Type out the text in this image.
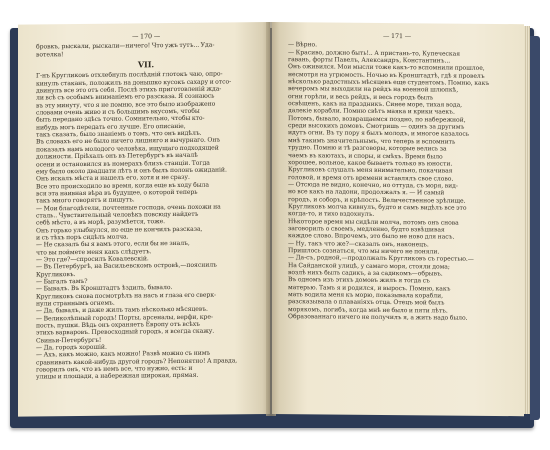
— 170 —
бровкъ, рыскали, рыскали—ничего! Что ужъ тутъ... Уда-
вотелка!
VII.
Г-нъ Кругликовъ отхлебнулъ послѣдній глотокъ чаю, опро-
кинулъ стаканъ, положилъ на донышко кусокъ сахару и отсо-
двинулъ все это отъ себя. Послѣ этихъ приготовленій жда-
ли всѣ съ особымъ вниманіемъ его разсказа. Я сознаюсь
въ эту минуту, что я не помню, все это было изображено
словами очень живо и съ большимъ вкусомъ, чтобы
быть передано здѣсь точно. Сомнительно, чтобы кто-
нибудь могъ передать его лучше. Его описаніе,
такъ сказать, было знаніемъ о томъ, что онъ видѣлъ.
Въ словахъ его не было ничего лишняго и вычурнаго. Онъ
показалъ намъ молодого человѣка, ищущаго подходящей
должности. Пріѣхалъ онъ въ Петербургъ въ началѣ
осени и остановился въ номерахъ близъ станціи. Тогда
ему было около двадцати лѣтъ и онъ былъ полонъ ожиданій.
Онъ искалъ мѣста и нашелъ его, хотя и не сразу.
Все это происходило во время, когда еще въ ходу была
вся эта наивная вѣра въ будущее, о которой теперь
такъ много говорятъ и пишутъ.
— Мои благодѣтели, почтенные господа, очень похожи на
сталь.. Чувствительный человѣкъ повсюду найдетъ
себѣ мѣсто, а въ морѣ, разумѣется, тоже.
Онъ горько улыбнулся, но еще не кончилъ разсказа,
и съ тѣхъ поръ сидѣлъ молча.
— Не сказалъ бы я вамъ этого, если бы не зналъ,
что вы поймете меня какъ слѣдуетъ.
— Это где?—спросилъ Ковалевскій.
— Въ Петербургѣ, на Васильевскомъ островѣ,—пояснилъ
Кругликовъ.
— Быгалъ тамъ?
— Бывалъ. Въ Кронштадтъ ѣздилъ, бывало.
Кругликовъ снова посмотрѣлъ на насъ и глаза его сверк-
нули страннымъ огнемъ.
— Да, бывалъ, и даже жилъ тамъ нѣсколько мѣсяцевъ.
— Великолѣпный городъ! Порты, арсеналы, верфи, кре-
пость, пушки. Вѣдь онъ охраняетъ Европу отъ всѣхъ
этихъ варваровъ. Превосходный городъ, я всегда скажу.
Свиньи-Петербургъ!
— Да, городъ хорошій.
— Ахъ, какъ можно, какъ можно! Развѣ можно съ нимъ
сравнивать какой-нибудь другой городъ? Непонятно! А правда,
говорилъ онъ, что въ немъ все, что нужно, есть: и
улицы и площади, а набережная широкая, прямая.
— 171 —
— Вѣрно.
— Красиво, должно быть!.. А пристань-то, Купеческая
гавань, форты Павелъ, Александръ, Константинъ...
Онъ оживился. Мои мысли тоже какъ-то вспомнили прошлое,
несмотря на угрюмость. Ночью въ Кронштадтѣ, гдѣ я провелъ
нѣсколько радостныхъ мѣсяцевъ еще студентомъ. Помню, какъ
вечеромъ мы выходили на рейдъ на военной шлюпкѣ,
огни горѣли, и весь рейдъ, и весь городъ былъ
освѣщенъ, какъ на праздникъ. Синее море, тихая вода,
далекіе корабли. Помню свѣтъ маяка и крики чаекъ.
Потомъ, бывало, возвращаемся поздно, по набережной,
среди высокихъ домовъ. Смотришь — одинъ за другимъ
идутъ огни. Въ ту пору я былъ молодъ, и многое казалось
мнѣ такимъ значительнымъ, что теперь и вспомнить
трудно. Помню и тѣ разговоры, которые велись за
чаемъ въ каютахъ, и споры, и смѣхъ. Время было
хорошее, вольное, какое бываетъ только въ юности.
Кругликовъ слушалъ меня внимательно, покачивая
головой, и время отъ времени вставлялъ свое слово.
— Отсюда не видно, конечно, но оттуда, съ моря, вид-
но все какъ на ладони, продолжалъ я. — И самый
городъ, и соборъ, и крѣпость. Величественное зрѣлище.
Кругликовъ молча кивнулъ, будто и самъ видѣлъ все это
когда-то, и тихо вздохнулъ.
Нѣкоторое время мы сидѣли молча, потомъ онъ снова
заговорилъ о своемъ, медленно, будто взвѣшивая
каждое слово. Впрочемъ, это было не ново для насъ.
— Ну, такъ что же?—сказалъ онъ, наконецъ.
Пришлось сознаться, что мы ничего не поняли.
— Да-съ, родной,—продолжалъ Кругликовъ съ горестью.—
На Сайданской улицѣ, у самаго моря, стояли дома;
возлѣ нихъ былъ садикъ, а за садикомъ—обрывъ.
Въ одномъ изъ этихъ домовъ жилъ я тогда съ
матерью. Тамъ я и родился, и выросъ. Помню, какъ
мать водила меня къ морю, показывала корабли,
разсказывала о плаваніяхъ отца. Отецъ мой былъ
морякомъ, погибъ, когда мнѣ не было и пяти лѣтъ.
Образованнаго ничего не получилъ я, а жить надо было.
